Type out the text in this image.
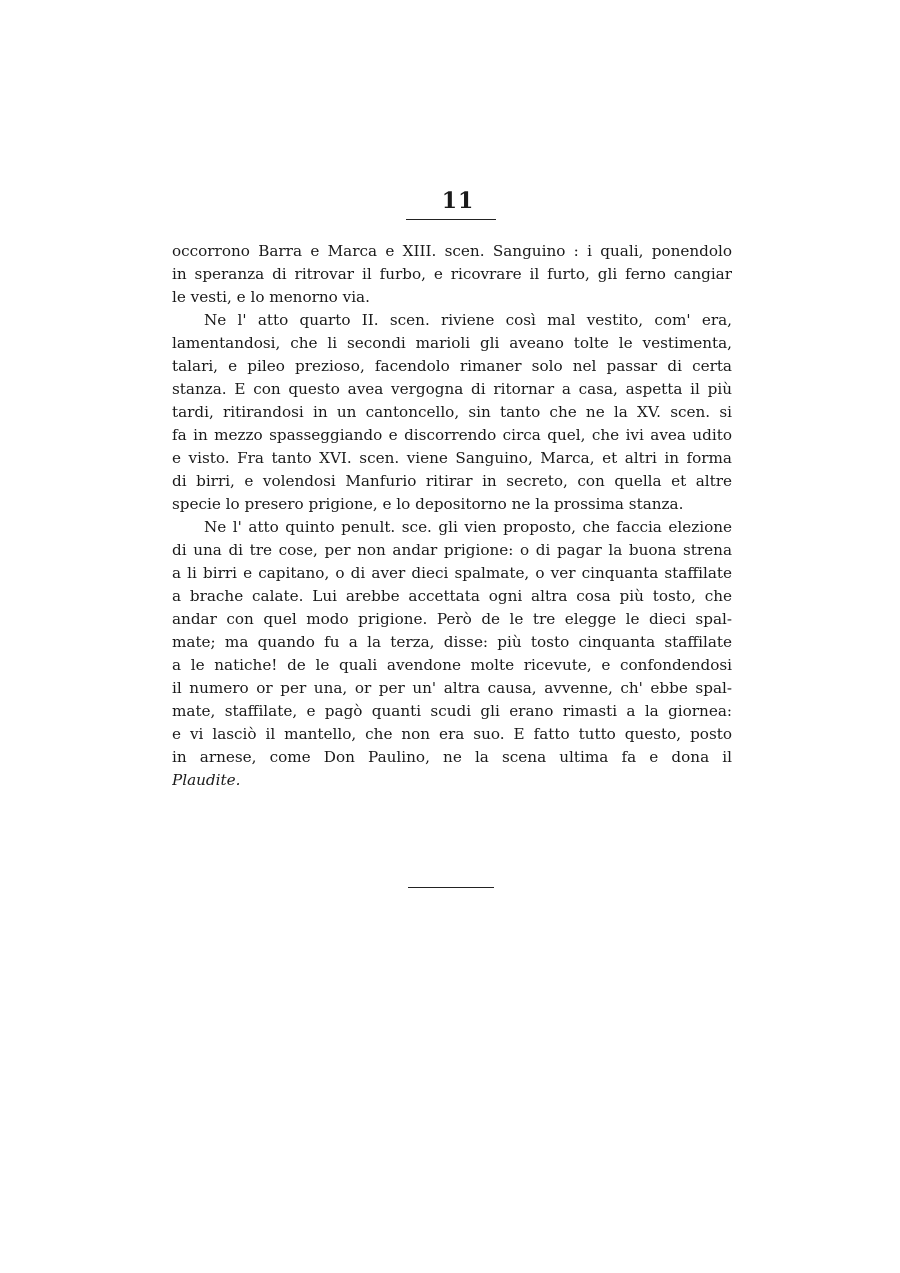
11
occorrono Barra e Marca e XIII. scen. Sanguino : i quali, ponendolo
in speranza di ritrovar il furbo, e ricovrare il furto, gli ferno cangiar
le vesti, e lo menorno via.
Ne l' atto quarto II. scen. riviene così mal vestito, com' era,
lamentandosi, che li secondi marioli gli aveano tolte le vestimenta,
talari, e pileo prezioso, facendolo rimaner solo nel passar di certa
stanza. E con questo avea vergogna di ritornar a casa, aspetta il più
tardi, ritirandosi in un cantoncello, sin tanto che ne la XV. scen. si
fa in mezzo spasseggiando e discorrendo circa quel, che ivi avea udito
e visto. Fra tanto XVI. scen. viene Sanguino, Marca, et altri in forma
di birri, e volendosi Manfurio ritirar in secreto, con quella et altre
specie lo presero prigione, e lo depositorno ne la prossima stanza.
Ne l' atto quinto penult. sce. gli vien proposto, che faccia elezione
di una di tre cose, per non andar prigione: o di pagar la buona strena
a li birri e capitano, o di aver dieci spalmate, o ver cinquanta staffilate
a brache calate. Lui arebbe accettata ogni altra cosa più tosto, che
andar con quel modo prigione. Però de le tre elegge le dieci spal-
mate; ma quando fu a la terza, disse: più tosto cinquanta staffilate
a le natiche! de le quali avendone molte ricevute, e confondendosi
il numero or per una, or per un' altra causa, avvenne, ch' ebbe spal-
mate, staffilate, e pagò quanti scudi gli erano rimasti a la giornea:
e vi lasciò il mantello, che non era suo. E fatto tutto questo, posto
in arnese, come Don Paulino, ne la scena ultima fa e dona il
Plaudite.
